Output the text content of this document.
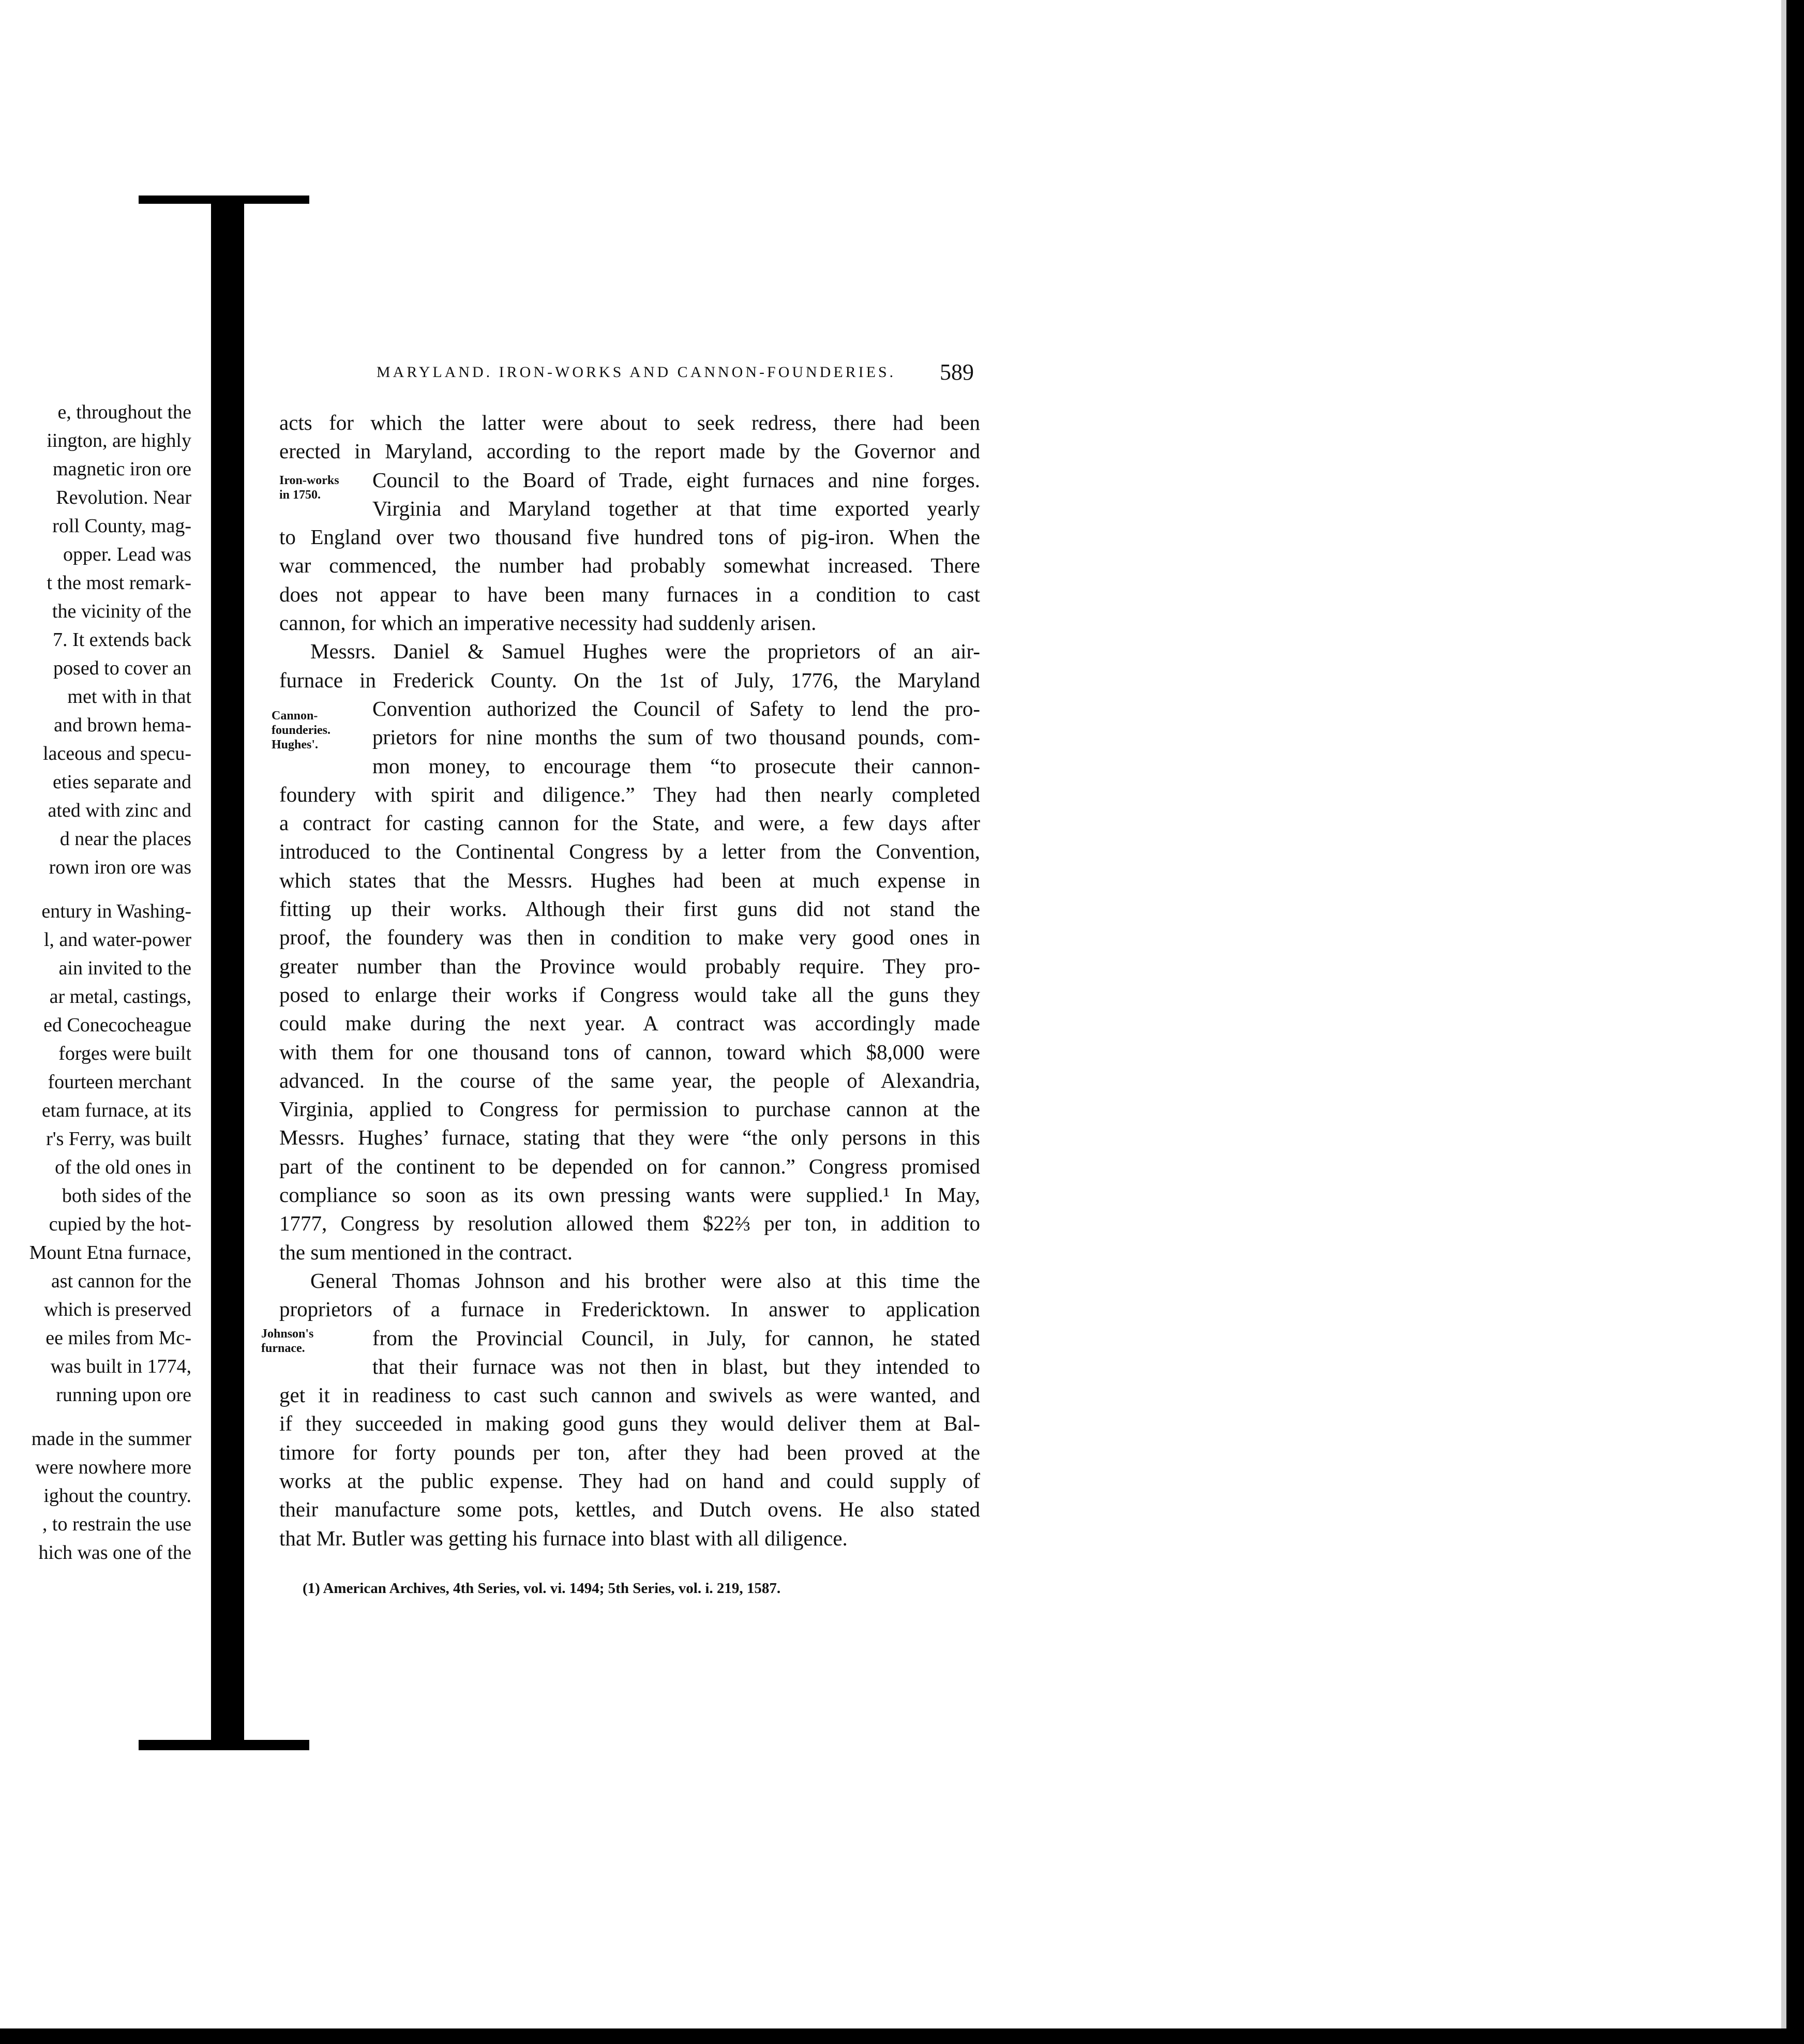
e, throughout the
iington, are highly
magnetic iron ore
Revolution. Near
roll County, mag-
opper. Lead was
t the most remark-
the vicinity of the
7. It extends back
posed to cover an
met with in that
and brown hema-
laceous and specu-
eties separate and
ated with zinc and
d near the places
rown iron ore was
entury in Washing-
l, and water-power
ain invited to the
ar metal, castings,
ed Conecocheague
forges were built
fourteen merchant
etam furnace, at its
r's Ferry, was built
of the old ones in
both sides of the
cupied by the hot-
Mount Etna furnace,
ast cannon for the
which is preserved
ee miles from Mc-
was built in 1774,
running upon ore
made in the summer
were nowhere more
ighout the country.
, to restrain the use
hich was one of the
MARYLAND. IRON-WORKS AND CANNON-FOUNDERIES. 589
acts for which the latter were about to seek redress, there had been
erected in Maryland, according to the report made by the Governor and
Council to the Board of Trade, eight furnaces and nine forges.
Virginia and Maryland together at that time exported yearly
to England over two thousand five hundred tons of pig-iron. When the
war commenced, the number had probably somewhat increased. There
does not appear to have been many furnaces in a condition to cast
cannon, for which an imperative necessity had suddenly arisen.
Messrs. Daniel & Samuel Hughes were the proprietors of an air-
furnace in Frederick County. On the 1st of July, 1776, the Maryland
Convention authorized the Council of Safety to lend the pro-
prietors for nine months the sum of two thousand pounds, com-
mon money, to encourage them “to prosecute their cannon-
foundery with spirit and diligence.” They had then nearly completed
a contract for casting cannon for the State, and were, a few days after
introduced to the Continental Congress by a letter from the Convention,
which states that the Messrs. Hughes had been at much expense in
fitting up their works. Although their first guns did not stand the
proof, the foundery was then in condition to make very good ones in
greater number than the Province would probably require. They pro-
posed to enlarge their works if Congress would take all the guns they
could make during the next year. A contract was accordingly made
with them for one thousand tons of cannon, toward which $8,000 were
advanced. In the course of the same year, the people of Alexandria,
Virginia, applied to Congress for permission to purchase cannon at the
Messrs. Hughes’ furnace, stating that they were “the only persons in this
part of the continent to be depended on for cannon.” Congress promised
compliance so soon as its own pressing wants were supplied.¹ In May,
1777, Congress by resolution allowed them $22⅔ per ton, in addition to
the sum mentioned in the contract.
General Thomas Johnson and his brother were also at this time the
proprietors of a furnace in Fredericktown. In answer to application
from the Provincial Council, in July, for cannon, he stated
that their furnace was not then in blast, but they intended to
get it in readiness to cast such cannon and swivels as were wanted, and
if they succeeded in making good guns they would deliver them at Bal-
timore for forty pounds per ton, after they had been proved at the
works at the public expense. They had on hand and could supply of
their manufacture some pots, kettles, and Dutch ovens. He also stated
that Mr. Butler was getting his furnace into blast with all diligence.
Iron-works
in 1750.
Cannon-
founderies.
Hughes'.
Johnson's
furnace.
(1) American Archives, 4th Series, vol. vi. 1494; 5th Series, vol. i. 219, 1587.
